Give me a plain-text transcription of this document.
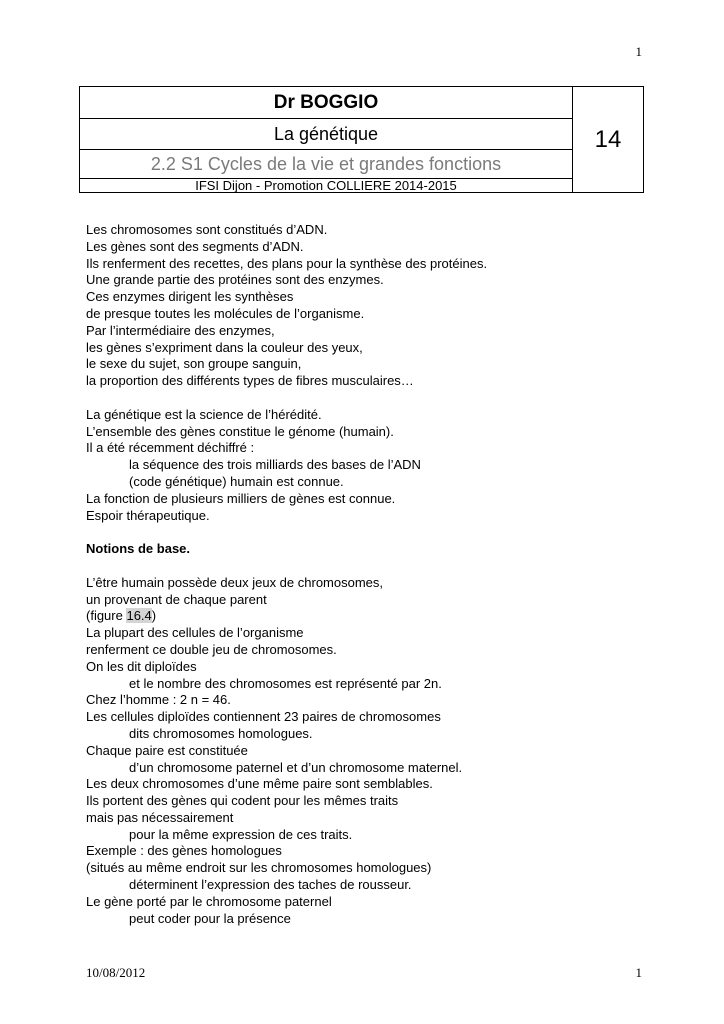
1
Dr BOGGIO	14
La génétique
2.2 S1 Cycles de la vie et grandes fonctions
IFSI Dijon - Promotion COLLIERE 2014-2015
Les chromosomes sont constitués d’ADN.
Les gènes sont des segments d’ADN.
Ils renferment des recettes, des plans pour la synthèse des protéines.
Une grande partie des protéines sont des enzymes.
Ces enzymes dirigent les synthèses
de presque toutes les molécules de l’organisme.
Par l’intermédiaire des enzymes,
les gènes s’expriment dans la couleur des yeux,
le sexe du sujet, son groupe sanguin,
la proportion des différents types de fibres musculaires…
La génétique est la science de l’hérédité.
L’ensemble des gènes constitue le génome (humain).
Il a été récemment déchiffré :
la séquence des trois milliards des bases de l’ADN
(code génétique) humain est connue.
La fonction de plusieurs milliers de gènes est connue.
Espoir thérapeutique.
Notions de base.
L’être humain possède deux jeux de chromosomes,
un provenant de chaque parent
(figure 16.4)
La plupart des cellules de l’organisme
renferment ce double jeu de chromosomes.
On les dit diploïdes
et le nombre des chromosomes est représenté par 2n.
Chez l’homme : 2 n = 46.
Les cellules diploïdes contiennent 23 paires de chromosomes
dits chromosomes homologues.
Chaque paire est constituée
d’un chromosome paternel et d’un chromosome maternel.
Les deux chromosomes d’une même paire sont semblables.
Ils portent des gènes qui codent pour les mêmes traits
mais pas nécessairement
pour la même expression de ces traits.
Exemple : des gènes homologues
(situés au même endroit sur les chromosomes homologues)
déterminent l’expression des taches de rousseur.
Le gène porté par le chromosome paternel
peut coder pour la présence
10/08/2012	1
